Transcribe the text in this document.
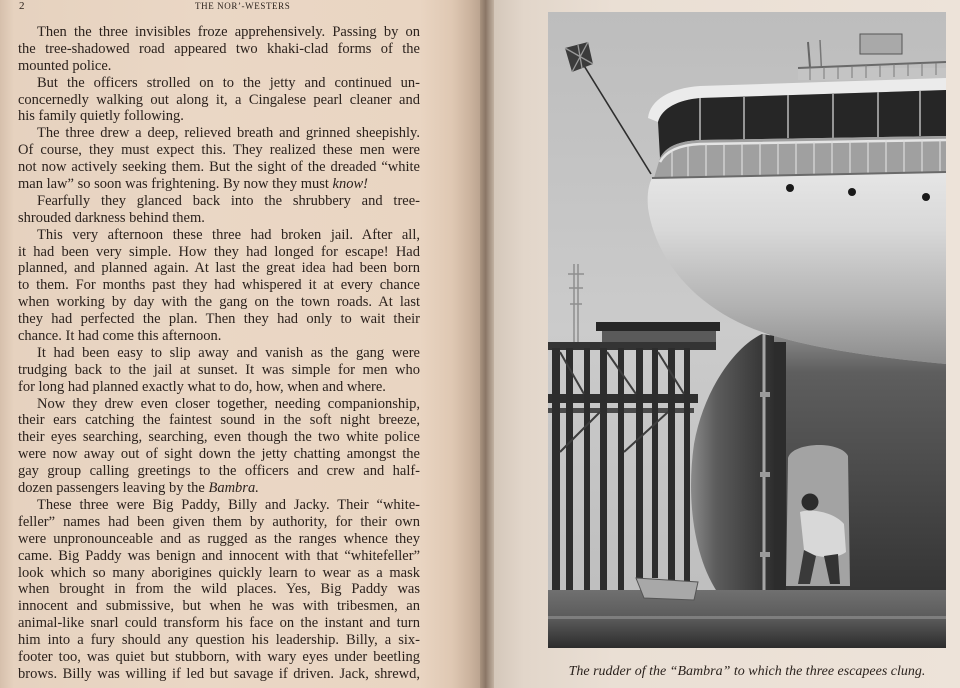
2	THE NOR’-WESTERS
Then the three invisibles froze apprehensively. Passing by on
the tree-shadowed road appeared two khaki-clad forms of the
mounted police.
But the officers strolled on to the jetty and continued un-
concernedly walking out along it, a Cingalese pearl cleaner and
his family quietly following.
The three drew a deep, relieved breath and grinned sheepishly.
Of course, they must expect this. They realized these men were
not now actively seeking them. But the sight of the dreaded “white
man law” so soon was frightening. By now they must know!
Fearfully they glanced back into the shrubbery and tree-
shrouded darkness behind them.
This very afternoon these three had broken jail. After all,
it had been very simple. How they had longed for escape! Had
planned, and planned again. At last the great idea had been born
to them. For months past they had whispered it at every chance
when working by day with the gang on the town roads. At last
they had perfected the plan. Then they had only to wait their
chance. It had come this afternoon.
It had been easy to slip away and vanish as the gang were
trudging back to the jail at sunset. It was simple for men who
for long had planned exactly what to do, how, when and where.
Now they drew even closer together, needing companionship,
their ears catching the faintest sound in the soft night breeze,
their eyes searching, searching, even though the two white police
were now away out of sight down the jetty chatting amongst the
gay group calling greetings to the officers and crew and half-
dozen passengers leaving by the Bambra.
These three were Big Paddy, Billy and Jacky. Their “white-
feller” names had been given them by authority, for their own
were unpronounceable and as rugged as the ranges whence they
came. Big Paddy was benign and innocent with that “whitefeller”
look which so many aborigines quickly learn to wear as a mask
when brought in from the wild places. Yes, Big Paddy was
innocent and submissive, but when he was with tribesmen, an
animal-like snarl could transform his face on the instant and turn
him into a fury should any question his leadership. Billy, a six-
footer too, was quiet but stubborn, with wary eyes under beetling
brows. Billy was willing if led but savage if driven. Jack, shrewd,	The rudder of the “Bambra” to which the three escapees clung.
